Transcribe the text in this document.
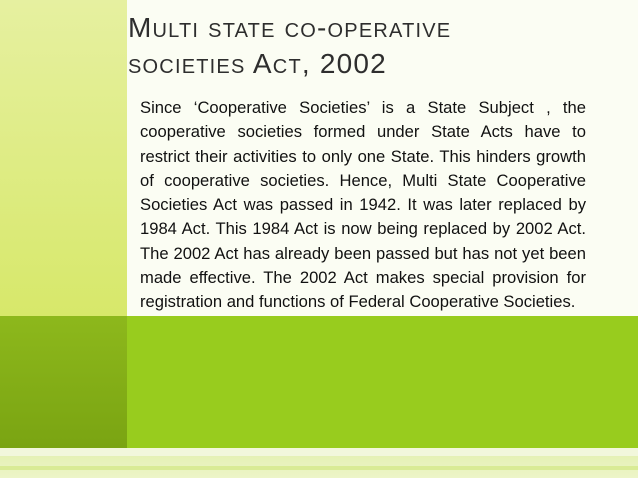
Multi state co-operative
societies Act, 2002

Since ‘Cooperative Societies’ is a State Subject , the cooperative societies formed under State Acts have to restrict their activities to only one State. This hinders growth of cooperative societies. Hence, Multi State Cooperative Societies Act was passed in 1942. It was later replaced by 1984 Act. This 1984 Act is now being replaced by 2002 Act. The 2002 Act has already been passed but has not yet been made effective. The 2002 Act makes special provision for registration and functions of Federal Cooperative Societies.
